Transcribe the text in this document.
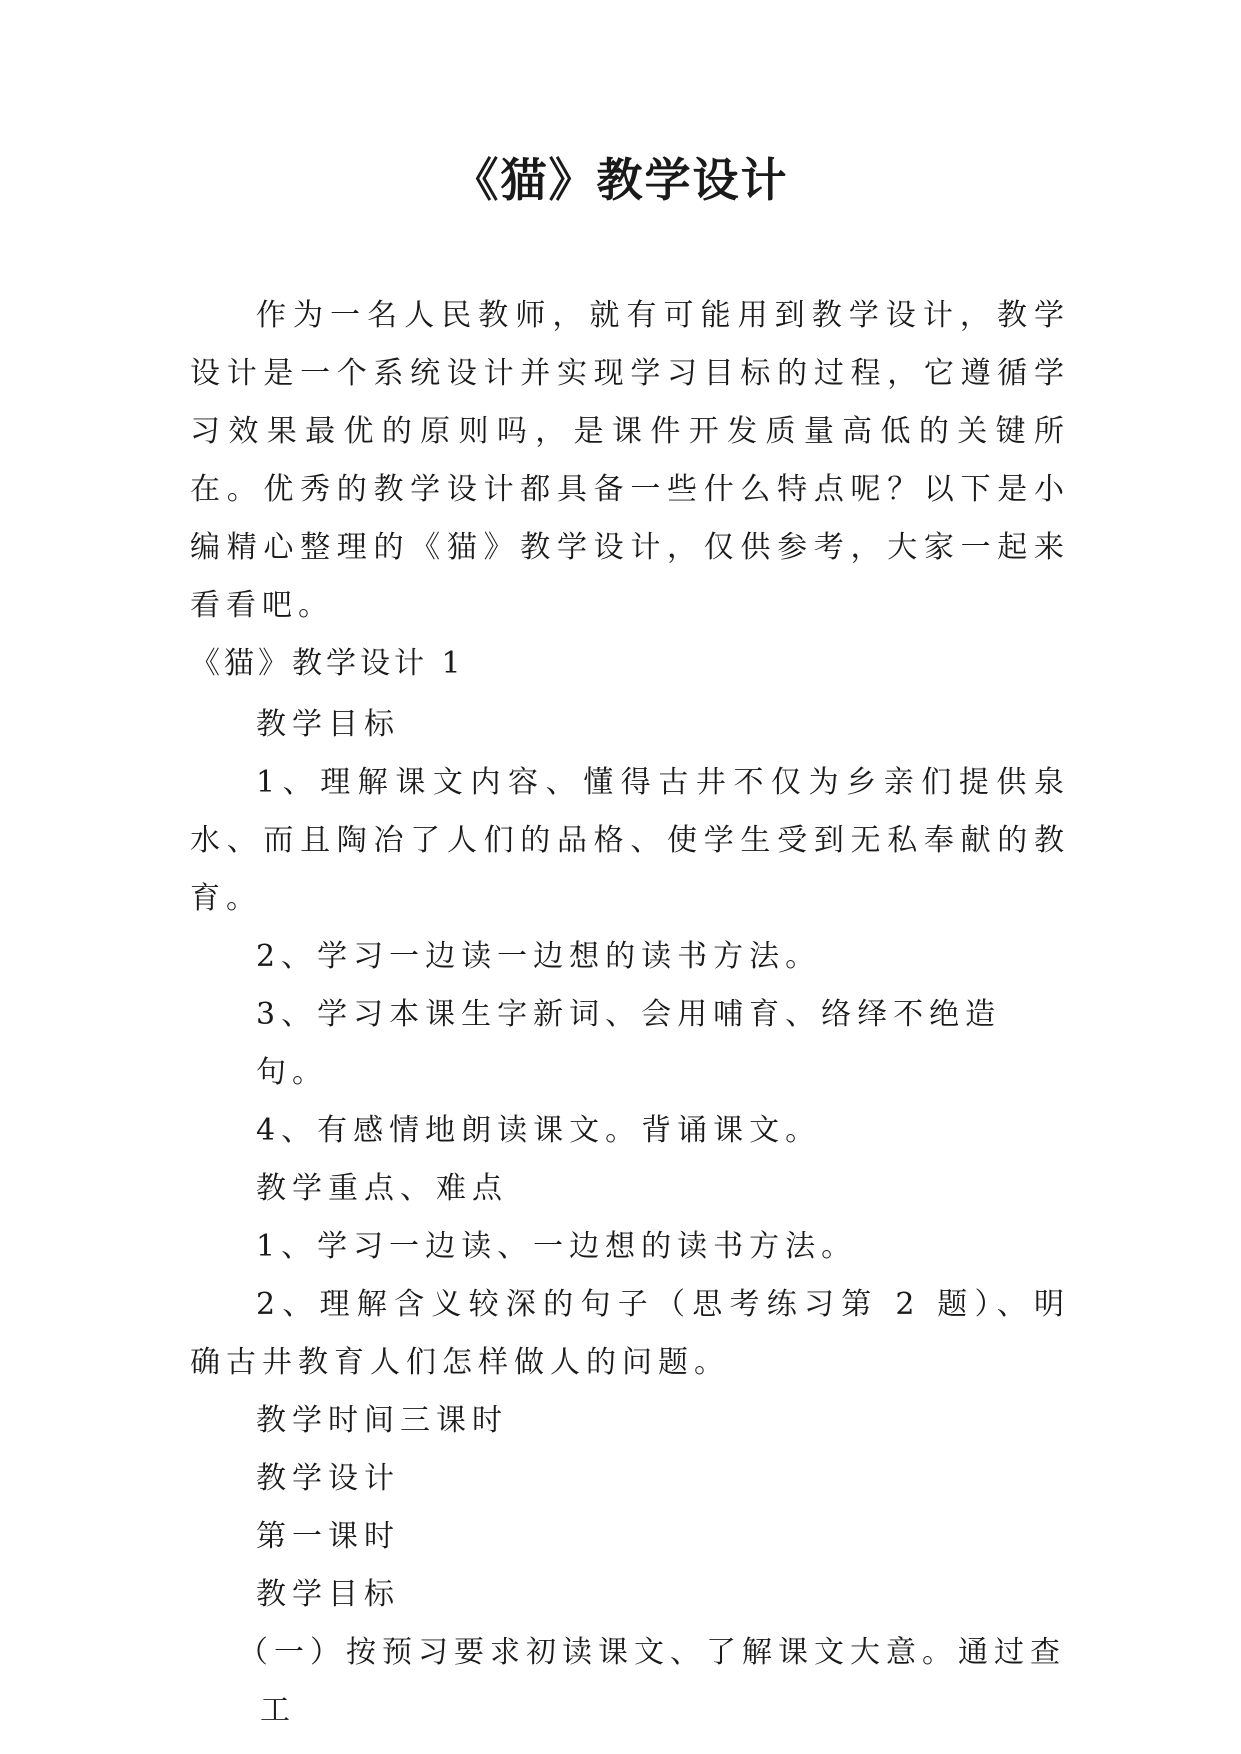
《猫》教学设计

作为一名人民教师，就有可能用到教学设计，教学设计是一个系统设计并实现学习目标的过程，它遵循学习效果最优的原则吗，是课件开发质量高低的关键所在。优秀的教学设计都具备一些什么特点呢？以下是小编精心整理的《猫》教学设计，仅供参考，大家一起来看看吧。

《猫》教学设计 1

教学目标
1、理解课文内容、懂得古井不仅为乡亲们提供泉水、而且陶冶了人们的品格、使学生受到无私奉献的教育。
2、学习一边读一边想的读书方法。
3、学习本课生字新词、会用哺育、络绎不绝造句。
4、有感情地朗读课文。背诵课文。
教学重点、难点
1、学习一边读、一边想的读书方法。
2、理解含义较深的句子（思考练习第 2 题）、明确古井教育人们怎样做人的问题。
教学时间三课时
教学设计
第一课时
教学目标
（一）按预习要求初读课文、了解课文大意。通过查工
